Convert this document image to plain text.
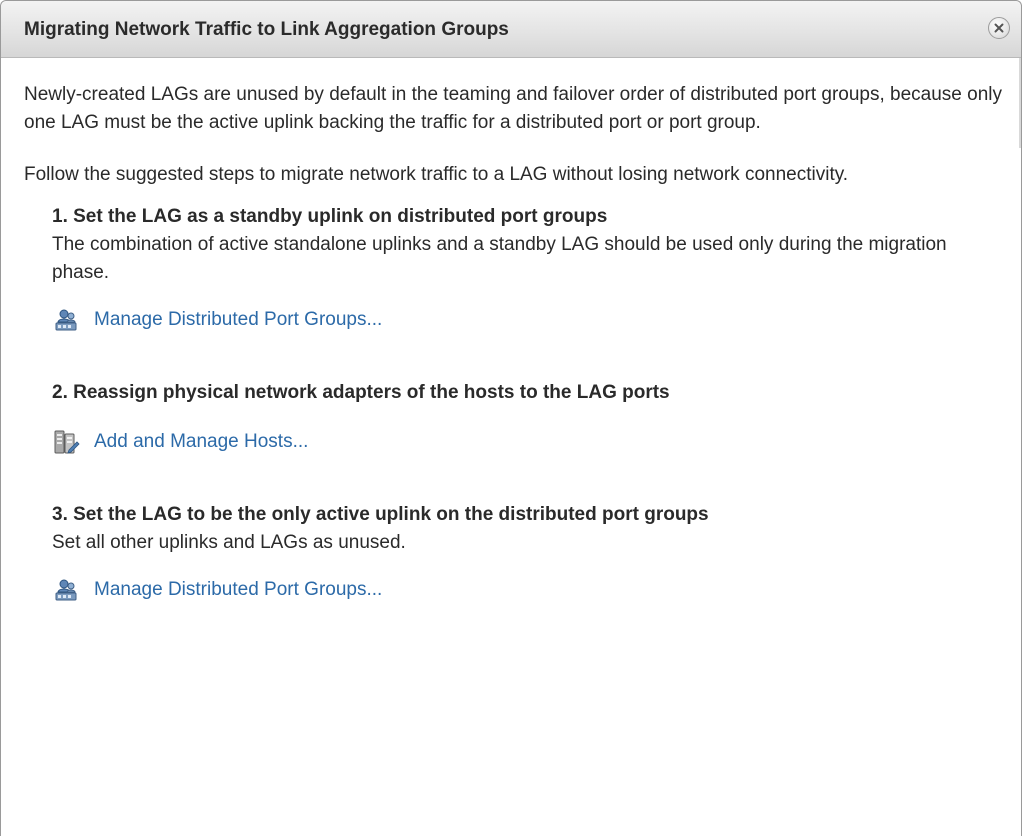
Migrating Network Traffic to Link Aggregation Groups

Newly-created LAGs are unused by default in the teaming and failover order of distributed port groups, because only one LAG must be the active uplink backing the traffic for a distributed port or port group.

Follow the suggested steps to migrate network traffic to a LAG without losing network connectivity.

1. Set the LAG as a standby uplink on distributed port groups
The combination of active standalone uplinks and a standby LAG should be used only during the migration phase.
Manage Distributed Port Groups...
2. Reassign physical network adapters of the hosts to the LAG ports
Add and Manage Hosts...
3. Set the LAG to be the only active uplink on the distributed port groups
Set all other uplinks and LAGs as unused.
Manage Distributed Port Groups...
